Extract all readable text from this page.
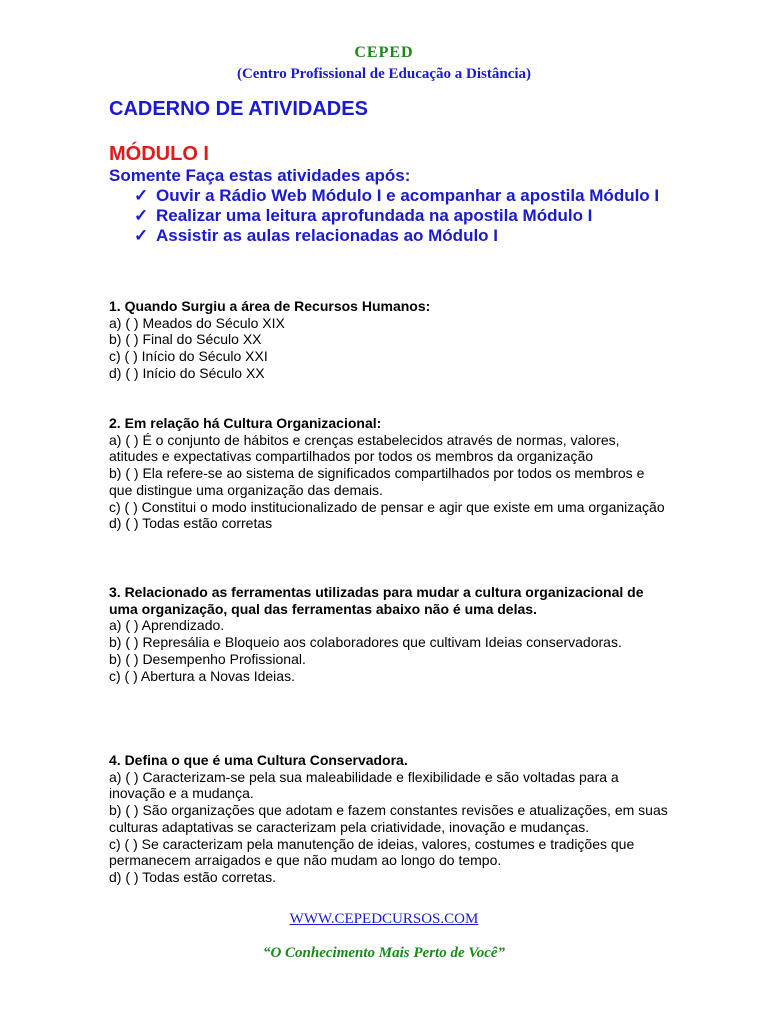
CEPED
(Centro Profissional de Educação a Distância)
CADERNO DE ATIVIDADES
MÓDULO I
Somente Faça estas atividades após:
✓ Ouvir a Rádio Web Módulo I e acompanhar a apostila Módulo I
✓ Realizar uma leitura aprofundada na apostila Módulo I
✓ Assistir as aulas relacionadas ao Módulo I

1. Quando Surgiu a área de Recursos Humanos:

a) ( ) Meados do Século XIX

b) ( ) Final do Século XX

c) ( ) Início do Século XXI

d) ( ) Início do Século XX

2. Em relação há Cultura Organizacional:

a) ( ) É o conjunto de hábitos e crenças estabelecidos através de normas, valores, atitudes e expectativas compartilhados por todos os membros da organização

b) ( ) Ela refere-se ao sistema de significados compartilhados por todos os membros e que distingue uma organização das demais.

c) ( ) Constitui o modo institucionalizado de pensar e agir que existe em uma organização

d) ( ) Todas estão corretas

3. Relacionado as ferramentas utilizadas para mudar a cultura organizacional de uma organização, qual das ferramentas abaixo não é uma delas.

a) ( ) Aprendizado.

b) ( ) Represália e Bloqueio aos colaboradores que cultivam Ideias conservadoras.

b) ( ) Desempenho Profissional.

c) ( ) Abertura a Novas Ideias.

4. Defina o que é uma Cultura Conservadora.

a) ( ) Caracterizam-se pela sua maleabilidade e flexibilidade e são voltadas para a inovação e a mudança.

b) ( ) São organizações que adotam e fazem constantes revisões e atualizações, em suas culturas adaptativas se caracterizam pela criatividade, inovação e mudanças.

c) ( ) Se caracterizam pela manutenção de ideias, valores, costumes e tradições que permanecem arraigados e que não mudam ao longo do tempo.

d) ( ) Todas estão corretas.

WWW.CEPEDCURSOS.COM
“O Conhecimento Mais Perto de Você”
